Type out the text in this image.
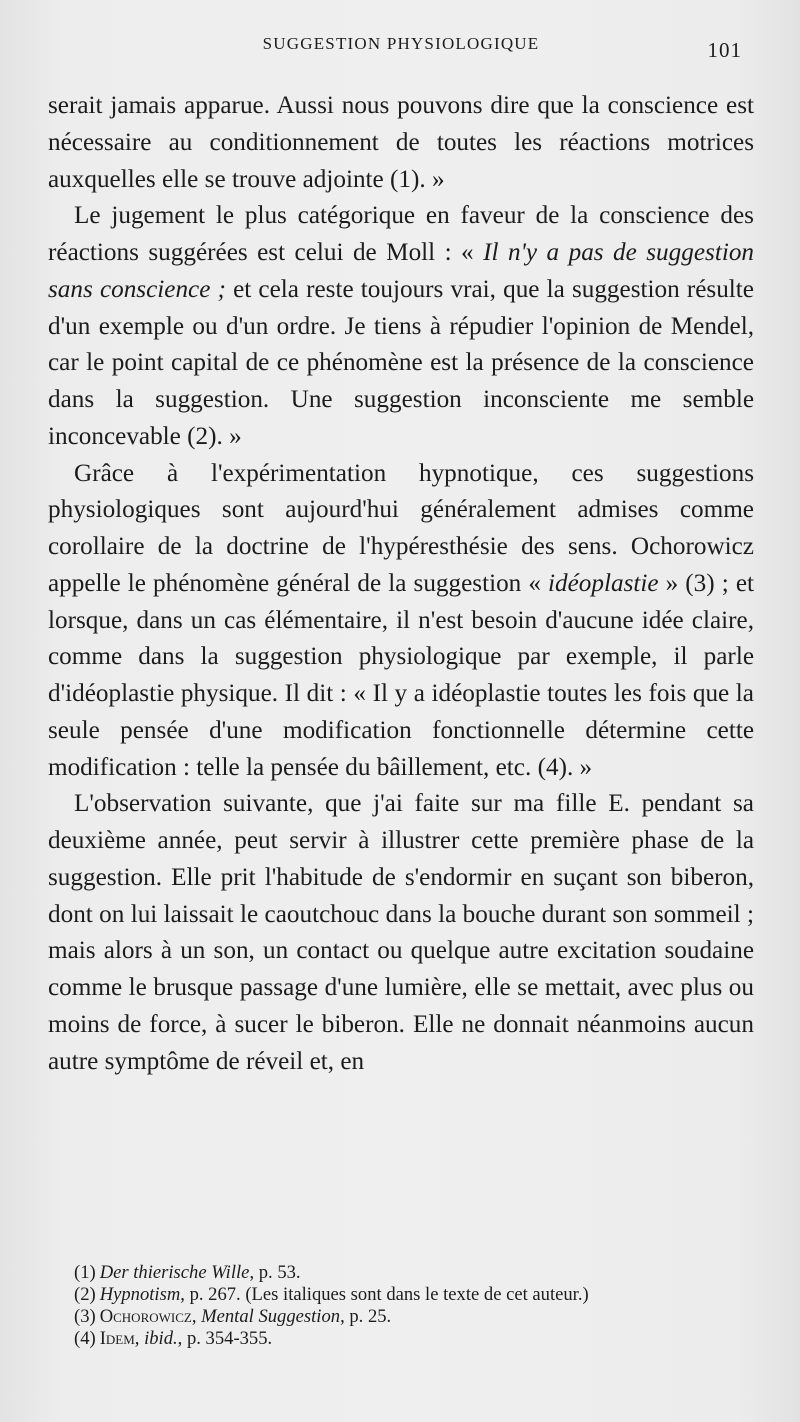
SUGGESTION PHYSIOLOGIQUE	101

serait jamais apparue. Aussi nous pouvons dire que la conscience est nécessaire au conditionnement de toutes les réactions motrices auxquelles elle se trouve adjointe (1). »

Le jugement le plus catégorique en faveur de la conscience des réactions suggérées est celui de Moll : « Il n'y a pas de suggestion sans conscience ; et cela reste toujours vrai, que la suggestion résulte d'un exemple ou d'un ordre. Je tiens à répudier l'opinion de Mendel, car le point capital de ce phénomène est la présence de la conscience dans la suggestion. Une suggestion inconsciente me semble inconcevable (2). »

Grâce à l'expérimentation hypnotique, ces suggestions physiologiques sont aujourd'hui généralement admises comme corollaire de la doctrine de l'hypéresthésie des sens. Ochorowicz appelle le phénomène général de la suggestion « idéoplastie » (3) ; et lorsque, dans un cas élémentaire, il n'est besoin d'aucune idée claire, comme dans la suggestion physiologique par exemple, il parle d'idéoplastie physique. Il dit : « Il y a idéoplastie toutes les fois que la seule pensée d'une modification fonctionnelle détermine cette modification : telle la pensée du bâillement, etc. (4). »

L'observation suivante, que j'ai faite sur ma fille E. pendant sa deuxième année, peut servir à illustrer cette première phase de la suggestion. Elle prit l'habitude de s'endormir en suçant son biberon, dont on lui laissait le caoutchouc dans la bouche durant son sommeil ; mais alors à un son, un contact ou quelque autre excitation soudaine comme le brusque passage d'une lumière, elle se mettait, avec plus ou moins de force, à sucer le biberon. Elle ne donnait néanmoins aucun autre symptôme de réveil et, en

(1) Der thierische Wille, p. 53.

(2) Hypnotism, p. 267. (Les italiques sont dans le texte de cet auteur.)

(3) Ochorowicz, Mental Suggestion, p. 25.

(4) Idem, ibid., p. 354-355.
